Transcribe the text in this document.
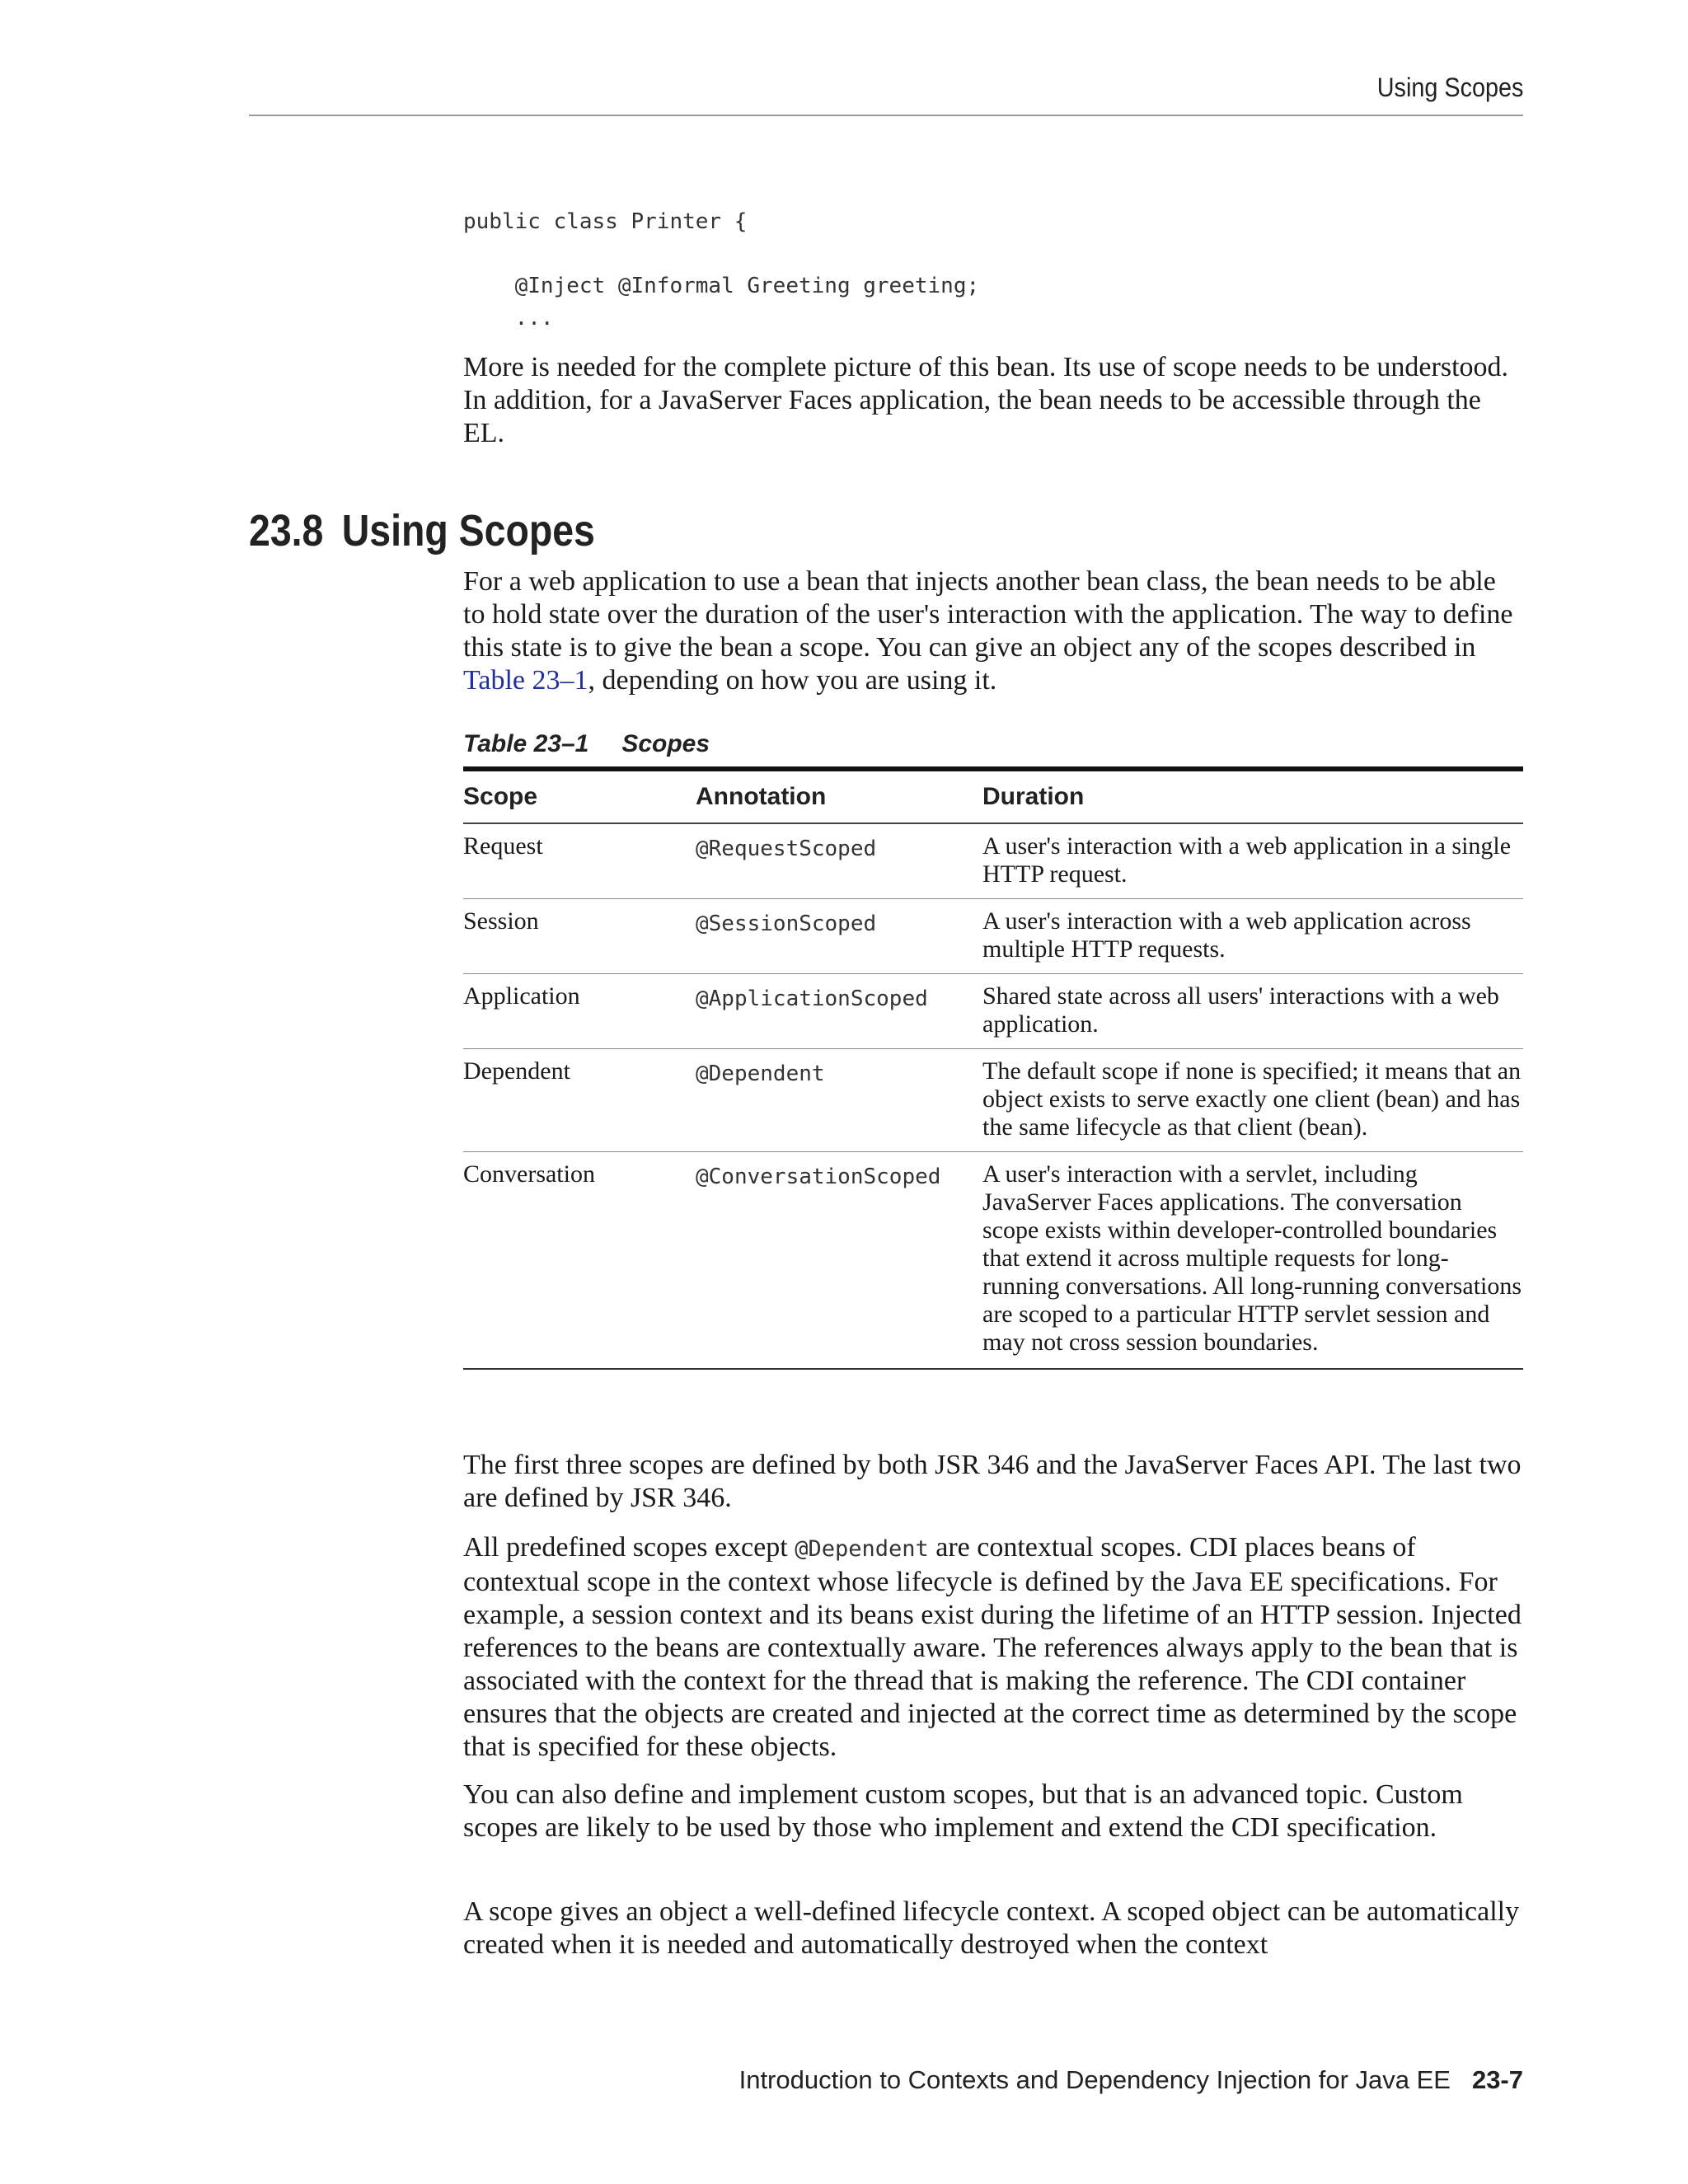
Using Scopes
public class Printer {

@Inject @Informal Greeting greeting;
...

More is needed for the complete picture of this bean. Its use of scope needs to be understood. In addition, for a JavaServer Faces application, the bean needs to be accessible through the EL.

23.8 Using Scopes

For a web application to use a bean that injects another bean class, the bean needs to be able to hold state over the duration of the user's interaction with the application. The way to define this state is to give the bean a scope. You can give an object any of the scopes described in Table 23–1, depending on how you are using it.

Table 23–1 Scopes
Scope	Annotation	Duration
Request	@RequestScoped	A user's interaction with a web application in a single HTTP request.
Session	@SessionScoped	A user's interaction with a web application across multiple HTTP requests.
Application	@ApplicationScoped	Shared state across all users' interactions with a web application.
Dependent	@Dependent	The default scope if none is specified; it means that an object exists to serve exactly one client (bean) and has the same lifecycle as that client (bean).
Conversation	@ConversationScoped	A user's interaction with a servlet, including JavaServer Faces applications. The conversation scope exists within developer-controlled boundaries that extend it across multiple requests for long-running conversations. All long-running conversations are scoped to a particular HTTP servlet session and may not cross session boundaries.

The first three scopes are defined by both JSR 346 and the JavaServer Faces API. The last two are defined by JSR 346.

All predefined scopes except @Dependent are contextual scopes. CDI places beans of contextual scope in the context whose lifecycle is defined by the Java EE specifications. For example, a session context and its beans exist during the lifetime of an HTTP session. Injected references to the beans are contextually aware. The references always apply to the bean that is associated with the context for the thread that is making the reference. The CDI container ensures that the objects are created and injected at the correct time as determined by the scope that is specified for these objects.

You can also define and implement custom scopes, but that is an advanced topic. Custom scopes are likely to be used by those who implement and extend the CDI specification.

A scope gives an object a well-defined lifecycle context. A scoped object can be automatically created when it is needed and automatically destroyed when the context

Introduction to Contexts and Dependency Injection for Java EE 23-7
